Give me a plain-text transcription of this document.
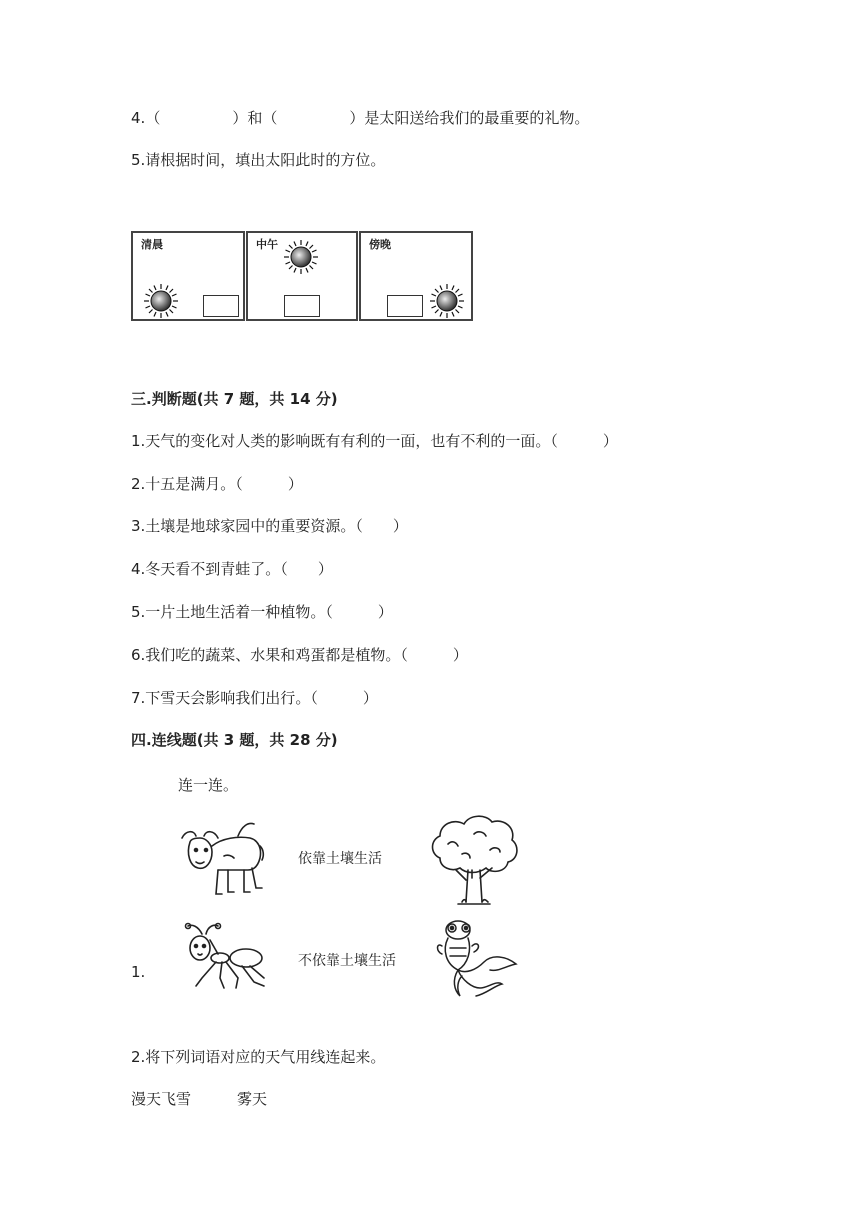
4.（	）和（	）是太阳送给我们的最重要的礼物。
5.请根据时间，填出太阳此时的方位。
清晨	中午	傍晚
三.判断题(共 7 题，共 14 分)
1.天气的变化对人类的影响既有有利的一面，也有不利的一面。（　　　）
2.十五是满月。（　　　）
3.土壤是地球家园中的重要资源。（　　）
4.冬天看不到青蛙了。（　　）
5.一片土地生活着一种植物。（　　　）
6.我们吃的蔬菜、水果和鸡蛋都是植物。（　　　）
7.下雪天会影响我们出行。（　　　）
四.连线题(共 3 题，共 28 分)
连一连。
依靠土壤生活
不依靠土壤生活
1.
2.将下列词语对应的天气用线连起来。
漫天飞雪	雾天
